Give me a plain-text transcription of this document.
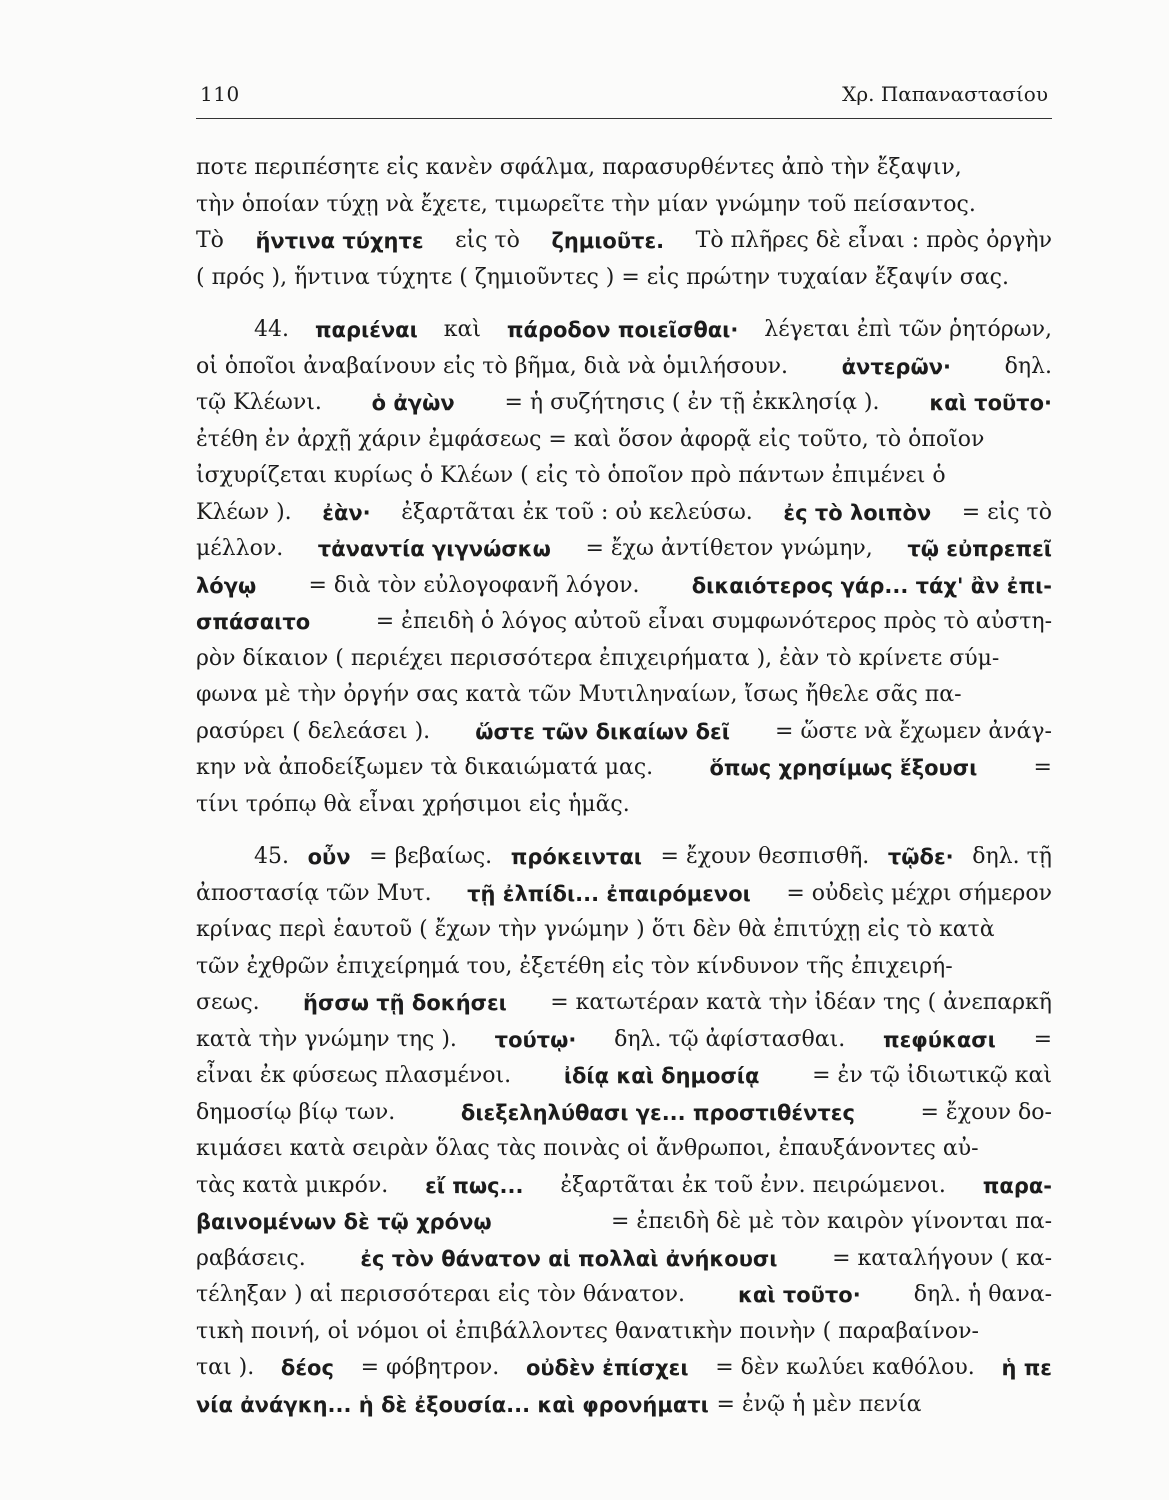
110	Χρ. Παπαναστασίου
ποτε περιπέσητε εἰς κανὲν σφάλμα, παρασυρθέντες ἀπὸ τὴν ἔξαψιν,
τὴν ὁποίαν τύχῃ νὰ ἔχετε, τιμωρεῖτε τὴν μίαν γνώμην τοῦ πείσαντος.
Τὸ ἥντινα τύχητε εἰς τὸ ζημιοῦτε. Τὸ πλῆρες δὲ εἶναι : πρὸς ὀργὴν
( πρός ), ἥντινα τύχητε ( ζημιοῦντες ) = εἰς πρώτην τυχαίαν ἔξαψίν σας.
44. παριέναι καὶ πάροδον ποιεῖσθαι· λέγεται ἐπὶ τῶν ῥητόρων,
οἱ ὁποῖοι ἀναβαίνουν εἰς τὸ βῆμα, διὰ νὰ ὁμιλήσουν.	ἀντερῶν· δηλ.
τῷ Κλέωνι. ὁ ἀγὼν = ἡ συζήτησις ( ἐν τῇ ἐκκλησίᾳ ). καὶ τοῦτο·
ἐτέθη ἐν ἀρχῇ χάριν ἐμφάσεως = καὶ ὅσον ἀφορᾷ εἰς τοῦτο, τὸ ὁποῖον
ἰσχυρίζεται κυρίως ὁ Κλέων ( εἰς τὸ ὁποῖον πρὸ πάντων ἐπιμένει ὁ
Κλέων ). ἐὰν· ἐξαρτᾶται ἐκ τοῦ : οὐ κελεύσω. ἐς τὸ λοιπὸν = εἰς τὸ
μέλλον. τἀναντία γιγνώσκω = ἔχω ἀντίθετον γνώμην, τῷ εὐπρεπεῖ
λόγῳ = διὰ τὸν εὐλογοφανῆ λόγον. δικαιότερος γάρ... τάχ' ἂν ἐπι-
σπάσαιτο	= ἐπειδὴ ὁ λόγος αὐτοῦ εἶναι συμφωνότερος πρὸς τὸ αὐστη-
ρὸν δίκαιον ( περιέχει περισσότερα ἐπιχειρήματα ), ἐὰν τὸ κρίνετε σύμ-
φωνα μὲ τὴν ὀργήν σας κατὰ τῶν Μυτιληναίων, ἴσως ἤθελε σᾶς πα-
ρασύρει ( δελεάσει ). ὥστε τῶν δικαίων δεῖ = ὥστε νὰ ἔχωμεν ἀνάγ-
κην νὰ ἀποδείξωμεν τὰ δικαιώματά μας.	ὅπως χρησίμως ἕξουσι	=
τίνι τρόπῳ θὰ εἶναι χρήσιμοι εἰς ἡμᾶς.
45. οὖν = βεβαίως. πρόκεινται = ἔχουν θεσπισθῆ. τῷδε· δηλ. τῇ
ἀποστασίᾳ τῶν Μυτ. τῇ ἐλπίδι... ἐπαιρόμενοι = οὐδεὶς μέχρι σήμερον
κρίνας περὶ ἑαυτοῦ ( ἔχων τὴν γνώμην ) ὅτι δὲν θὰ ἐπιτύχῃ εἰς τὸ κατὰ
τῶν ἐχθρῶν ἐπιχείρημά του, ἐξετέθη εἰς τὸν κίνδυνον τῆς ἐπιχειρή-
σεως. ἥσσω τῇ δοκήσει = κατωτέραν κατὰ τὴν ἰδέαν της ( ἀνεπαρκῆ
κατὰ τὴν γνώμην της ). τούτῳ· δηλ. τῷ ἀφίστασθαι. πεφύκασι =
εἶναι ἐκ φύσεως πλασμένοι.	ἰδίᾳ καὶ δημοσίᾳ = ἐν τῷ ἰδιωτικῷ καὶ
δημοσίῳ βίῳ των.	διεξεληλύθασι γε... προστιθέντες	= ἔχουν δο-
κιμάσει κατὰ σειρὰν ὅλας τὰς ποινὰς οἱ ἄνθρωποι, ἐπαυξάνοντες αὐ-
τὰς κατὰ μικρόν. εἴ πως... ἐξαρτᾶται ἐκ τοῦ ἐνν. πειρώμενοι. παρα-
βαινομένων δὲ τῷ χρόνῳ	= ἐπειδὴ δὲ μὲ τὸν καιρὸν γίνονται πα-
ραβάσεις.	ἐς τὸν θάνατον αἱ πολλαὶ ἀνήκουσι = καταλήγουν ( κα-
τέληξαν ) αἱ περισσότεραι εἰς τὸν θάνατον.	καὶ τοῦτο· δηλ. ἡ θανα-
τικὴ ποινή, οἱ νόμοι οἱ ἐπιβάλλοντες θανατικὴν ποινὴν ( παραβαίνον-
ται ). δέος = φόβητρον. οὐδὲν ἐπίσχει = δὲν κωλύει καθόλου. ἡ πε
νία ἀνάγκη... ἡ δὲ ἐξουσία... καὶ φρονήματι = ἐνῷ ἡ μὲν πενία
